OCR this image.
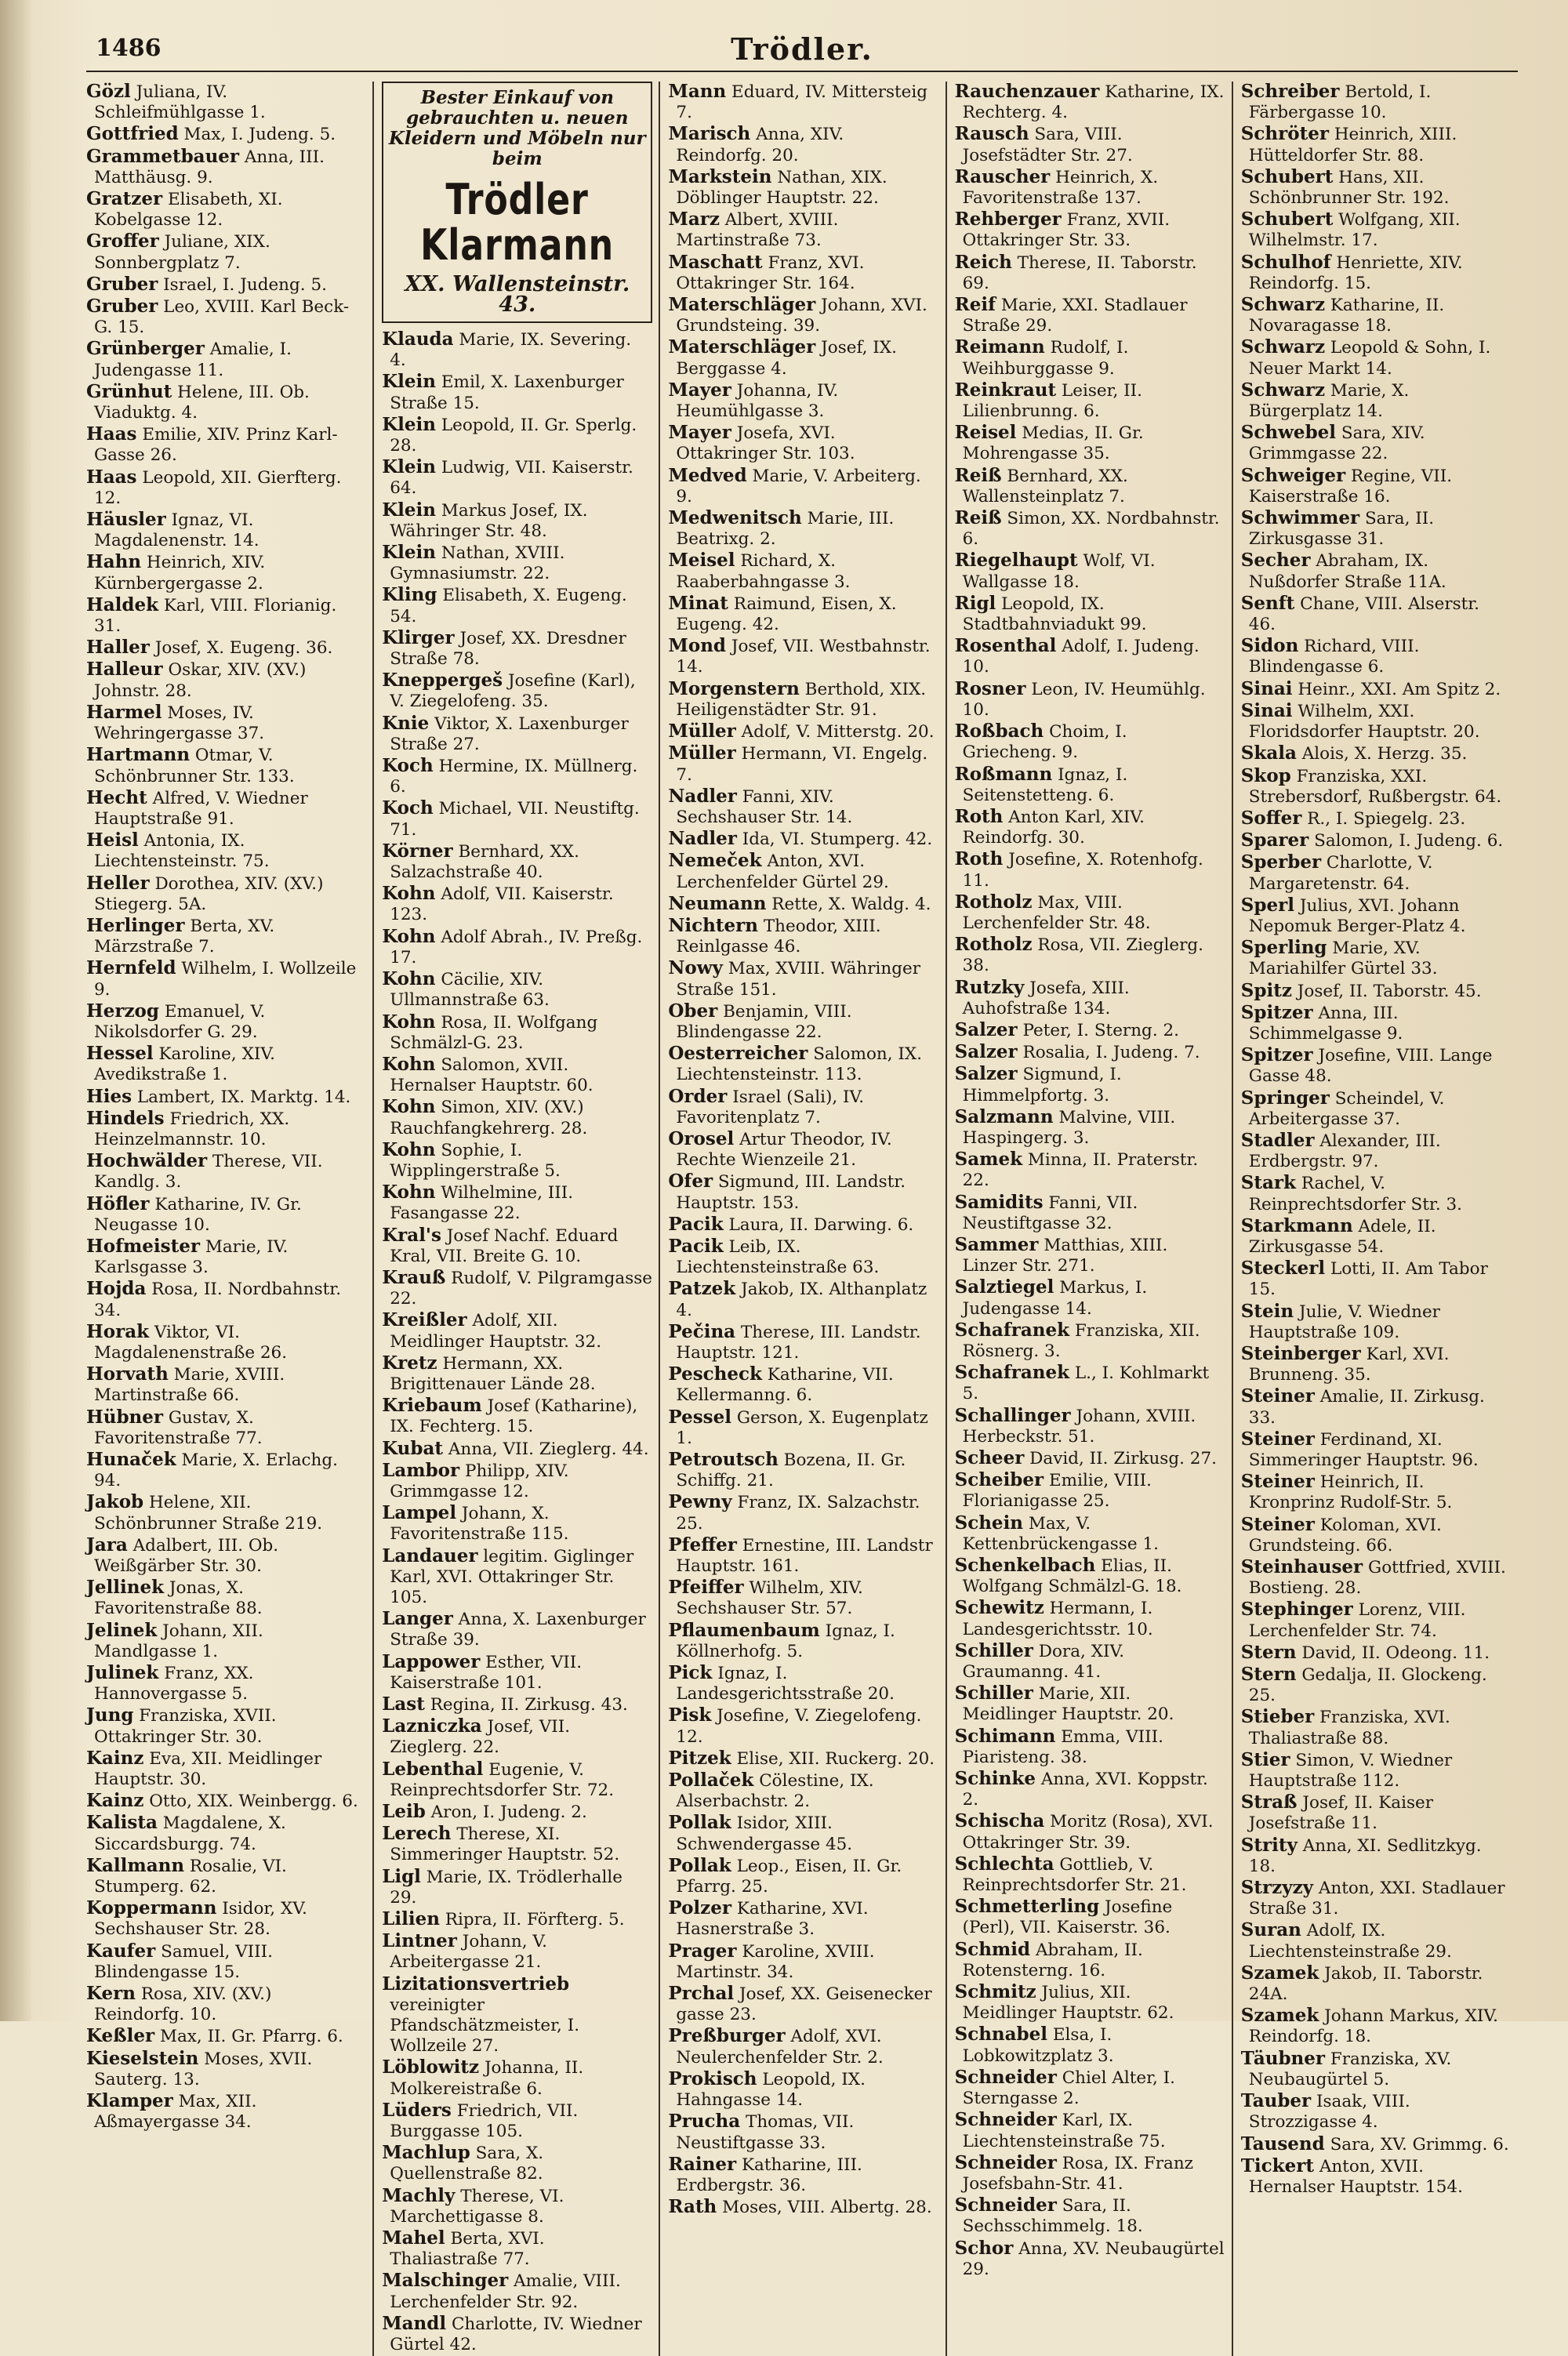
1486	Trödler.
Gözl Juliana, IV. Schleifmühlgasse 1.
Gottfried Max, I. Judeng. 5.
Grammetbauer Anna, III. Matthäusg. 9.
Gratzer Elisabeth, XI. Kobelgasse 12.
Groffer Juliane, XIX. Sonnbergplatz 7.
Gruber Israel, I. Judeng. 5.
Gruber Leo, XVIII. Karl Beck-G. 15.
Grünberger Amalie, I. Judengasse 11.
Grünhut Helene, III. Ob. Viaduktg. 4.
Haas Emilie, XIV. Prinz Karl-Gasse 26.
Haas Leopold, XII. Gierfterg. 12.
Häusler Ignaz, VI. Magdalenenstr. 14.
Hahn Heinrich, XIV. Kürnbergergasse 2.
Haldek Karl, VIII. Florianig. 31.
Haller Josef, X. Eugeng. 36.
Halleur Oskar, XIV. (XV.) Johnstr. 28.
Harmel Moses, IV. Wehringergasse 37.
Hartmann Otmar, V. Schönbrunner Str. 133.
Hecht Alfred, V. Wiedner Hauptstraße 91.
Heisl Antonia, IX. Liechtensteinstr. 75.
Heller Dorothea, XIV. (XV.) Stiegerg. 5A.
Herlinger Berta, XV. Märzstraße 7.
Hernfeld Wilhelm, I. Wollzeile 9.
Herzog Emanuel, V. Nikolsdorfer G. 29.
Hessel Karoline, XIV. Avedikstraße 1.
Hies Lambert, IX. Marktg. 14.
Hindels Friedrich, XX. Heinzelmannstr. 10.
Hochwälder Therese, VII. Kandlg. 3.
Höfler Katharine, IV. Gr. Neugasse 10.
Hofmeister Marie, IV. Karlsgasse 3.
Hojda Rosa, II. Nordbahnstr. 34.
Horak Viktor, VI. Magdalenenstraße 26.
Horvath Marie, XVIII. Martinstraße 66.
Hübner Gustav, X. Favoritenstraße 77.
Hunaček Marie, X. Erlachg. 94.
Jakob Helene, XII. Schönbrunner Straße 219.
Jara Adalbert, III. Ob. Weißgärber Str. 30.
Jellinek Jonas, X. Favoritenstraße 88.
Jelinek Johann, XII. Mandlgasse 1.
Julinek Franz, XX. Hannovergasse 5.
Jung Franziska, XVII. Ottakringer Str. 30.
Kainz Eva, XII. Meidlinger Hauptstr. 30.
Kainz Otto, XIX. Weinbergg. 6.
Kalista Magdalene, X. Siccardsburgg. 74.
Kallmann Rosalie, VI. Stumperg. 62.
Koppermann Isidor, XV. Sechshauser Str. 28.
Kaufer Samuel, VIII. Blindengasse 15.
Kern Rosa, XIV. (XV.) Reindorfg. 10.
Keßler Max, II. Gr. Pfarrg. 6.
Kieselstein Moses, XVII. Sauterg. 13.
Klamper Max, XII. Aßmayergasse 34.
Bester Einkauf von gebrauchten u. neuen Kleidern und Möbeln nur beim
Trödler Klarmann
XX. Wallensteinstr. 43.
Klauda Marie, IX. Severing. 4.
Klein Emil, X. Laxenburger Straße 15.
Klein Leopold, II. Gr. Sperlg. 28.
Klein Ludwig, VII. Kaiserstr. 64.
Klein Markus Josef, IX. Währinger Str. 48.
Klein Nathan, XVIII. Gymnasiumstr. 22.
Kling Elisabeth, X. Eugeng. 54.
Klirger Josef, XX. Dresdner Straße 78.
Kneppergeš Josefine (Karl), V. Ziegelofeng. 35.
Knie Viktor, X. Laxenburger Straße 27.
Koch Hermine, IX. Müllnerg. 6.
Koch Michael, VII. Neustiftg. 71.
Körner Bernhard, XX. Salzachstraße 40.
Kohn Adolf, VII. Kaiserstr. 123.
Kohn Adolf Abrah., IV. Preßg. 17.
Kohn Cäcilie, XIV. Ullmannstraße 63.
Kohn Rosa, II. Wolfgang Schmälzl-G. 23.
Kohn Salomon, XVII. Hernalser Hauptstr. 60.
Kohn Simon, XIV. (XV.) Rauchfangkehrerg. 28.
Kohn Sophie, I. Wipplingerstraße 5.
Kohn Wilhelmine, III. Fasangasse 22.
Kral's Josef Nachf. Eduard Kral, VII. Breite G. 10.
Krauß Rudolf, V. Pilgramgasse 22.
Kreißler Adolf, XII. Meidlinger Hauptstr. 32.
Kretz Hermann, XX. Brigittenauer Lände 28.
Kriebaum Josef (Katharine), IX. Fechterg. 15.
Kubat Anna, VII. Zieglerg. 44.
Lambor Philipp, XIV. Grimmgasse 12.
Lampel Johann, X. Favoritenstraße 115.
Landauer legitim. Giglinger Karl, XVI. Ottakringer Str. 105.
Langer Anna, X. Laxenburger Straße 39.
Lappower Esther, VII. Kaiserstraße 101.
Last Regina, II. Zirkusg. 43.
Lazniczka Josef, VII. Zieglerg. 22.
Lebenthal Eugenie, V. Reinprechtsdorfer Str. 72.
Leib Aron, I. Judeng. 2.
Lerech Therese, XI. Simmeringer Hauptstr. 52.
Ligl Marie, IX. Trödlerhalle 29.
Lilien Ripra, II. Förfterg. 5.
Lintner Johann, V. Arbeitergasse 21.
Lizitationsvertrieb vereinigter Pfandschätzmeister, I. Wollzeile 27.
Löblowitz Johanna, II. Molkereistraße 6.
Lüders Friedrich, VII. Burggasse 105.
Machlup Sara, X. Quellenstraße 82.
Machly Therese, VI. Marchettigasse 8.
Mahel Berta, XVI. Thaliastraße 77.
Malschinger Amalie, VIII. Lerchenfelder Str. 92.
Mandl Charlotte, IV. Wiedner Gürtel 42.
Mann Eduard, IV. Mittersteig 7.
Marisch Anna, XIV. Reindorfg. 20.
Markstein Nathan, XIX. Döblinger Hauptstr. 22.
Marz Albert, XVIII. Martinstraße 73.
Maschatt Franz, XVI. Ottakringer Str. 164.
Materschläger Johann, XVI. Grundsteing. 39.
Materschläger Josef, IX. Berggasse 4.
Mayer Johanna, IV. Heumühlgasse 3.
Mayer Josefa, XVI. Ottakringer Str. 103.
Medved Marie, V. Arbeiterg. 9.
Medwenitsch Marie, III. Beatrixg. 2.
Meisel Richard, X. Raaberbahngasse 3.
Minat Raimund, Eisen, X. Eugeng. 42.
Mond Josef, VII. Westbahnstr. 14.
Morgenstern Berthold, XIX. Heiligenstädter Str. 91.
Müller Adolf, V. Mitterstg. 20.
Müller Hermann, VI. Engelg. 7.
Nadler Fanni, XIV. Sechshauser Str. 14.
Nadler Ida, VI. Stumperg. 42.
Nemeček Anton, XVI. Lerchenfelder Gürtel 29.
Neumann Rette, X. Waldg. 4.
Nichtern Theodor, XIII. Reinlgasse 46.
Nowy Max, XVIII. Währinger Straße 151.
Ober Benjamin, VIII. Blindengasse 22.
Oesterreicher Salomon, IX. Liechtensteinstr. 113.
Order Israel (Sali), IV. Favoritenplatz 7.
Orosel Artur Theodor, IV. Rechte Wienzeile 21.
Ofer Sigmund, III. Landstr. Hauptstr. 153.
Pacik Laura, II. Darwing. 6.
Pacik Leib, IX. Liechtensteinstraße 63.
Patzek Jakob, IX. Althanplatz 4.
Pečina Therese, III. Landstr. Hauptstr. 121.
Pescheck Katharine, VII. Kellermanng. 6.
Pessel Gerson, X. Eugenplatz 1.
Petroutsch Bozena, II. Gr. Schiffg. 21.
Pewny Franz, IX. Salzachstr. 25.
Pfeffer Ernestine, III. Landstr Hauptstr. 161.
Pfeiffer Wilhelm, XIV. Sechshauser Str. 57.
Pflaumenbaum Ignaz, I. Köllnerhofg. 5.
Pick Ignaz, I. Landesgerichtsstraße 20.
Pisk Josefine, V. Ziegelofeng. 12.
Pitzek Elise, XII. Ruckerg. 20.
Pollaček Cölestine, IX. Alserbachstr. 2.
Pollak Isidor, XIII. Schwendergasse 45.
Pollak Leop., Eisen, II. Gr. Pfarrg. 25.
Polzer Katharine, XVI. Hasnerstraße 3.
Prager Karoline, XVIII. Martinstr. 34.
Prchal Josef, XX. Geisenecker gasse 23.
Preßburger Adolf, XVI. Neulerchenfelder Str. 2.
Prokisch Leopold, IX. Hahngasse 14.
Prucha Thomas, VII. Neustiftgasse 33.
Rainer Katharine, III. Erdbergstr. 36.
Rath Moses, VIII. Albertg. 28.
Rauchenzauer Katharine, IX. Rechterg. 4.
Rausch Sara, VIII. Josefstädter Str. 27.
Rauscher Heinrich, X. Favoritenstraße 137.
Rehberger Franz, XVII. Ottakringer Str. 33.
Reich Therese, II. Taborstr. 69.
Reif Marie, XXI. Stadlauer Straße 29.
Reimann Rudolf, I. Weihburggasse 9.
Reinkraut Leiser, II. Lilienbrunng. 6.
Reisel Medias, II. Gr. Mohrengasse 35.
Reiß Bernhard, XX. Wallensteinplatz 7.
Reiß Simon, XX. Nordbahnstr. 6.
Riegelhaupt Wolf, VI. Wallgasse 18.
Rigl Leopold, IX. Stadtbahnviadukt 99.
Rosenthal Adolf, I. Judeng. 10.
Rosner Leon, IV. Heumühlg. 10.
Roßbach Choim, I. Griecheng. 9.
Roßmann Ignaz, I. Seitenstetteng. 6.
Roth Anton Karl, XIV. Reindorfg. 30.
Roth Josefine, X. Rotenhofg. 11.
Rotholz Max, VIII. Lerchenfelder Str. 48.
Rotholz Rosa, VII. Zieglerg. 38.
Rutzky Josefa, XIII. Auhofstraße 134.
Salzer Peter, I. Sterng. 2.
Salzer Rosalia, I. Judeng. 7.
Salzer Sigmund, I. Himmelpfortg. 3.
Salzmann Malvine, VIII. Haspingerg. 3.
Samek Minna, II. Praterstr. 22.
Samidits Fanni, VII. Neustiftgasse 32.
Sammer Matthias, XIII. Linzer Str. 271.
Salztiegel Markus, I. Judengasse 14.
Schafranek Franziska, XII. Rösnerg. 3.
Schafranek L., I. Kohlmarkt 5.
Schallinger Johann, XVIII. Herbeckstr. 51.
Scheer David, II. Zirkusg. 27.
Scheiber Emilie, VIII. Florianigasse 25.
Schein Max, V. Kettenbrückengasse 1.
Schenkelbach Elias, II. Wolfgang Schmälzl-G. 18.
Schewitz Hermann, I. Landesgerichtsstr. 10.
Schiller Dora, XIV. Graumanng. 41.
Schiller Marie, XII. Meidlinger Hauptstr. 20.
Schimann Emma, VIII. Piaristeng. 38.
Schinke Anna, XVI. Koppstr. 2.
Schischa Moritz (Rosa), XVI. Ottakringer Str. 39.
Schlechta Gottlieb, V. Reinprechtsdorfer Str. 21.
Schmetterling Josefine (Perl), VII. Kaiserstr. 36.
Schmid Abraham, II. Rotensterng. 16.
Schmitz Julius, XII. Meidlinger Hauptstr. 62.
Schnabel Elsa, I. Lobkowitzplatz 3.
Schneider Chiel Alter, I. Sterngasse 2.
Schneider Karl, IX. Liechtensteinstraße 75.
Schneider Rosa, IX. Franz Josefsbahn-Str. 41.
Schneider Sara, II. Sechsschimmelg. 18.
Schor Anna, XV. Neubaugürtel 29.
Schreiber Bertold, I. Färbergasse 10.
Schröter Heinrich, XIII. Hütteldorfer Str. 88.
Schubert Hans, XII. Schönbrunner Str. 192.
Schubert Wolfgang, XII. Wilhelmstr. 17.
Schulhof Henriette, XIV. Reindorfg. 15.
Schwarz Katharine, II. Novaragasse 18.
Schwarz Leopold & Sohn, I. Neuer Markt 14.
Schwarz Marie, X. Bürgerplatz 14.
Schwebel Sara, XIV. Grimmgasse 22.
Schweiger Regine, VII. Kaiserstraße 16.
Schwimmer Sara, II. Zirkusgasse 31.
Secher Abraham, IX. Nußdorfer Straße 11A.
Senft Chane, VIII. Alserstr. 46.
Sidon Richard, VIII. Blindengasse 6.
Sinai Heinr., XXI. Am Spitz 2.
Sinai Wilhelm, XXI. Floridsdorfer Hauptstr. 20.
Skala Alois, X. Herzg. 35.
Skop Franziska, XXI. Strebersdorf, Rußbergstr. 64.
Soffer R., I. Spiegelg. 23.
Sparer Salomon, I. Judeng. 6.
Sperber Charlotte, V. Margaretenstr. 64.
Sperl Julius, XVI. Johann Nepomuk Berger-Platz 4.
Sperling Marie, XV. Mariahilfer Gürtel 33.
Spitz Josef, II. Taborstr. 45.
Spitzer Anna, III. Schimmelgasse 9.
Spitzer Josefine, VIII. Lange Gasse 48.
Springer Scheindel, V. Arbeitergasse 37.
Stadler Alexander, III. Erdbergstr. 97.
Stark Rachel, V. Reinprechtsdorfer Str. 3.
Starkmann Adele, II. Zirkusgasse 54.
Steckerl Lotti, II. Am Tabor 15.
Stein Julie, V. Wiedner Hauptstraße 109.
Steinberger Karl, XVI. Brunneng. 35.
Steiner Amalie, II. Zirkusg. 33.
Steiner Ferdinand, XI. Simmeringer Hauptstr. 96.
Steiner Heinrich, II. Kronprinz Rudolf-Str. 5.
Steiner Koloman, XVI. Grundsteing. 66.
Steinhauser Gottfried, XVIII. Bostieng. 28.
Stephinger Lorenz, VIII. Lerchenfelder Str. 74.
Stern David, II. Odeong. 11.
Stern Gedalja, II. Glockeng. 25.
Stieber Franziska, XVI. Thaliastraße 88.
Stier Simon, V. Wiedner Hauptstraße 112.
Straß Josef, II. Kaiser Josefstraße 11.
Strity Anna, XI. Sedlitzkyg. 18.
Strzyzy Anton, XXI. Stadlauer Straße 31.
Suran Adolf, IX. Liechtensteinstraße 29.
Szamek Jakob, II. Taborstr. 24A.
Szamek Johann Markus, XIV. Reindorfg. 18.
Täubner Franziska, XV. Neubaugürtel 5.
Tauber Isaak, VIII. Strozzigasse 4.
Tausend Sara, XV. Grimmg. 6.
Tickert Anton, XVII. Hernalser Hauptstr. 154.
